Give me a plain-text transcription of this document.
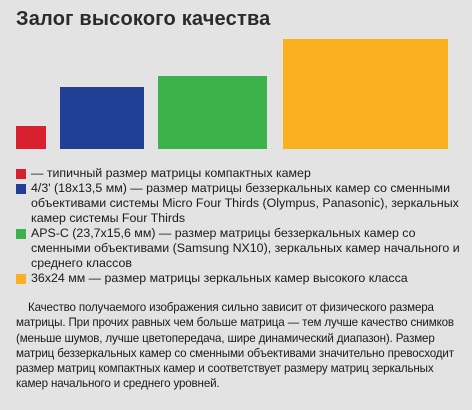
Залог высокого качества
— типичный размер матрицы компактных камер
4/3' (18х13,5 мм) — размер матрицы беззеркальных камер со сменными объективами системы Micro Four Thirds (Olympus, Panasonic), зеркальных камер системы Four Thirds
APS-C (23,7х15,6 мм) — размер матрицы беззеркальных камер со сменными объективами (Samsung NX10), зеркальных камер начального и среднего классов
36х24 мм — размер матрицы зеркальных камер высокого класса
Качество получаемого изображения сильно зависит от физического размера матрицы. При прочих равных чем больше матрица — тем лучше качество снимков (меньше шумов, лучше цветопередача, шире динамический диапазон). Размер матриц беззеркальных камер со сменными объективами значительно превосходит размер матриц компактных камер и соответствует размеру матриц зеркальных камер начального и среднего уровней.
